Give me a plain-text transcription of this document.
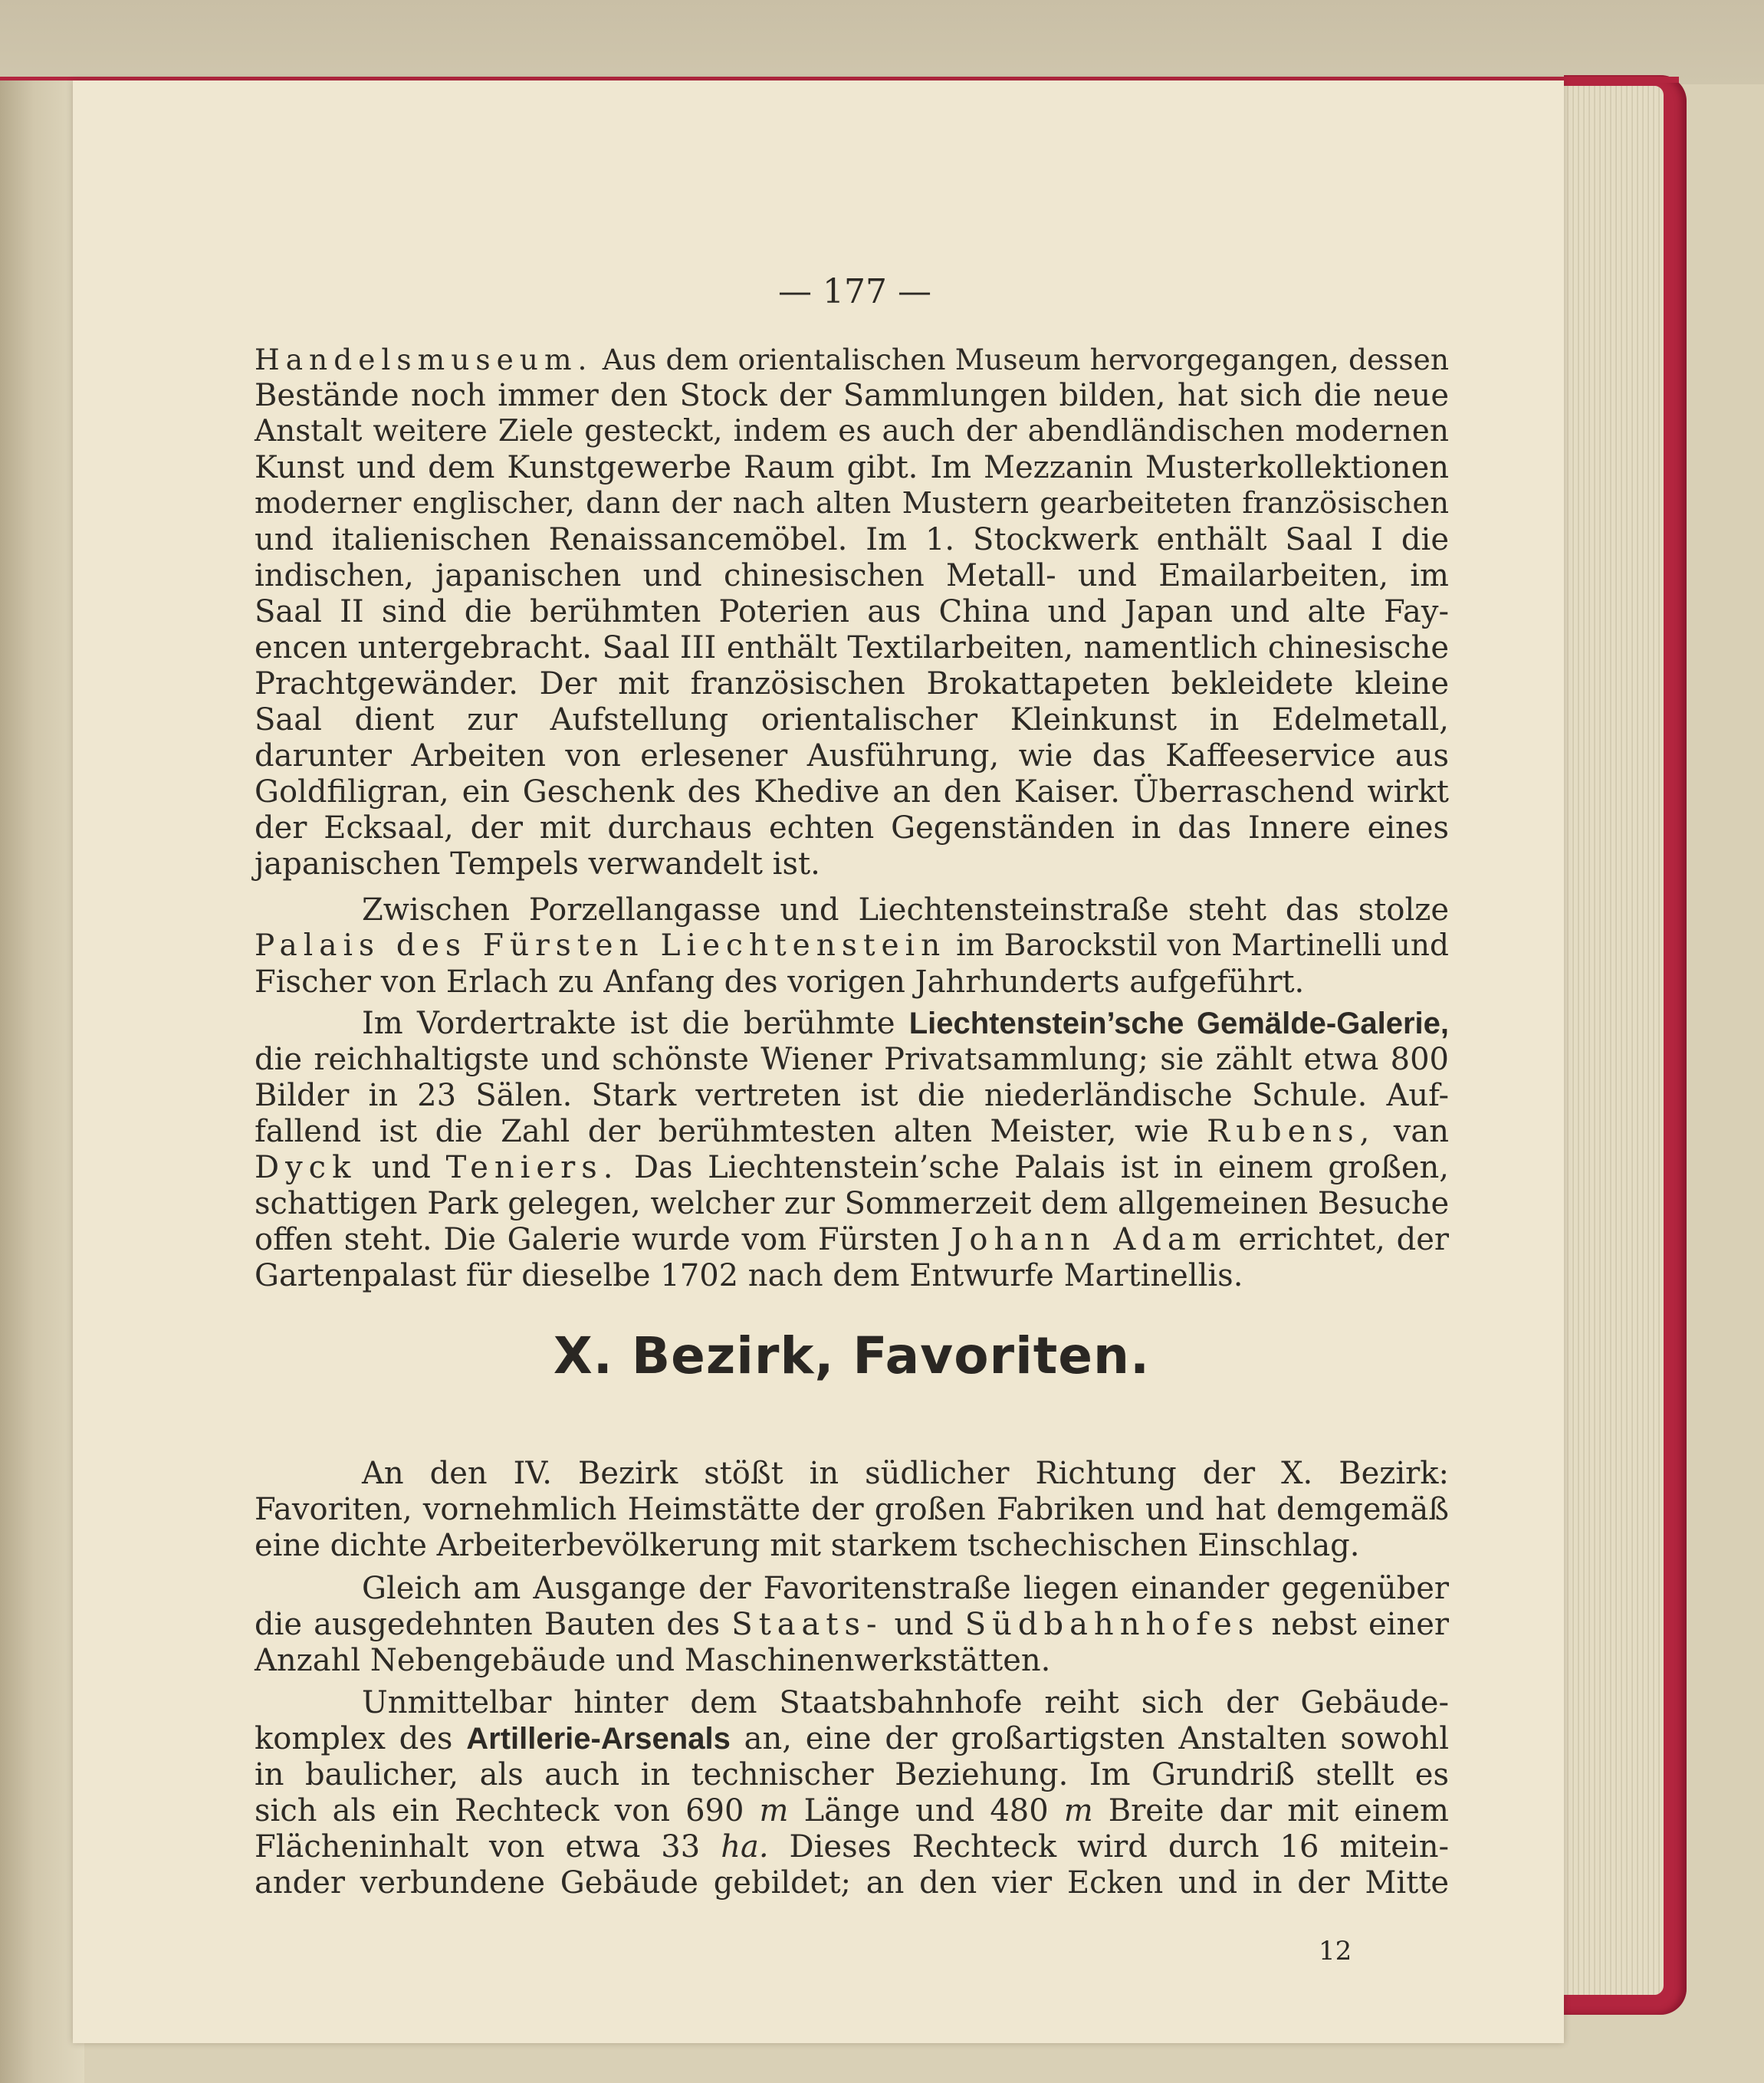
— 177 —
Handelsmuseum. Aus dem orientalischen Museum hervorgegangen, dessen
Bestände noch immer den Stock der Sammlungen bilden, hat sich die neue
Anstalt weitere Ziele gesteckt, indem es auch der abendländischen modernen
Kunst und dem Kunstgewerbe Raum gibt. Im Mezzanin Musterkollektionen
moderner englischer, dann der nach alten Mustern gearbeiteten französischen
und italienischen Renaissancemöbel. Im 1. Stockwerk enthält Saal I die
indischen, japanischen und chinesischen Metall- und Emailarbeiten, im
Saal II sind die berühmten Poterien aus China und Japan und alte Fay-
encen untergebracht. Saal III enthält Textilarbeiten, namentlich chinesische
Prachtgewänder. Der mit französischen Brokattapeten bekleidete kleine
Saal dient zur Aufstellung orientalischer Kleinkunst in Edelmetall,
darunter Arbeiten von erlesener Ausführung, wie das Kaffeeservice aus
Goldfiligran, ein Geschenk des Khedive an den Kaiser. Überraschend wirkt
der Ecksaal, der mit durchaus echten Gegenständen in das Innere eines
japanischen Tempels verwandelt ist.
Zwischen Porzellangasse und Liechtensteinstraße steht das stolze
Palais des Fürsten Liechtenstein im Barockstil von Martinelli und
Fischer von Erlach zu Anfang des vorigen Jahrhunderts aufgeführt.
Im Vordertrakte ist die berühmte Liechtenstein’sche Gemälde-Galerie,
die reichhaltigste und schönste Wiener Privatsammlung; sie zählt etwa 800
Bilder in 23 Sälen. Stark vertreten ist die niederländische Schule. Auf-
fallend ist die Zahl der berühmtesten alten Meister, wie Rubens, van
Dyck und Teniers. Das Liechtenstein’sche Palais ist in einem großen,
schattigen Park gelegen, welcher zur Sommerzeit dem allgemeinen Besuche
offen steht. Die Galerie wurde vom Fürsten Johann Adam errichtet, der
Gartenpalast für dieselbe 1702 nach dem Entwurfe Martinellis.
X. Bezirk, Favoriten.
An den IV. Bezirk stößt in südlicher Richtung der X. Bezirk:
Favoriten, vornehmlich Heimstätte der großen Fabriken und hat demgemäß
eine dichte Arbeiterbevölkerung mit starkem tschechischen Einschlag.
Gleich am Ausgange der Favoritenstraße liegen einander gegenüber
die ausgedehnten Bauten des Staats- und Südbahnhofes nebst einer
Anzahl Nebengebäude und Maschinenwerkstätten.
Unmittelbar hinter dem Staatsbahnhofe reiht sich der Gebäude-
komplex des Artillerie-Arsenals an, eine der großartigsten Anstalten sowohl
in baulicher, als auch in technischer Beziehung. Im Grundriß stellt es
sich als ein Rechteck von 690 m Länge und 480 m Breite dar mit einem
Flächeninhalt von etwa 33 ha. Dieses Rechteck wird durch 16 mitein-
ander verbundene Gebäude gebildet; an den vier Ecken und in der Mitte
12
